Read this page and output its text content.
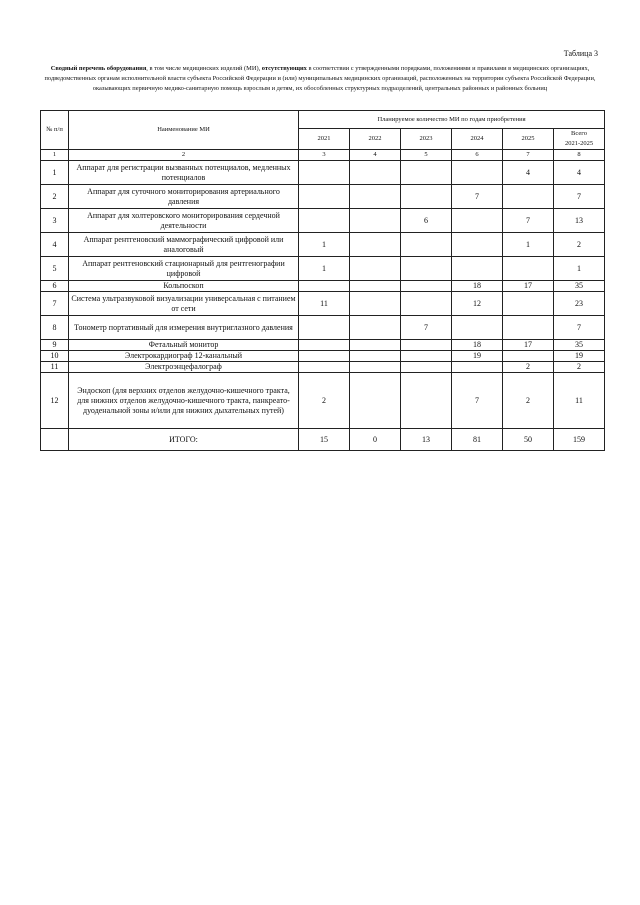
Таблица 3
Сводный перечень оборудования, в том числе медицинских изделий (МИ), отсутствующих в соответствии с утвержденными порядками, положениями и правилами в медицинских организациях, подведомственных органам исполнительной власти субъекта Российской Федерации и (или) муниципальных медицинских организаций, расположенных на территории субъекта Российской Федерации, оказывающих первичную медико-санитарную помощь взрослым и детям, их обособленных структурных подразделений, центральных районных и районных больниц
№ п/п	Наименование МИ	Планируемое количество МИ по годам приобретения					
		2021	2022	2023	2024	2025	Всего
2021-2025
1	2	3	4	5	6	7	8
1	Аппарат для регистрации вызванных потенциалов, медленных потенциалов					4	4
2	Аппарат для суточного мониторирования артериального давления				7		7
3	Аппарат для холтеровского мониторирования сердечной деятельности			6		7	13
4	Аппарат рентгеновский маммографический цифровой или аналоговый	1				1	2
5	Аппарат рентгеновский стационарный для рентгенографии цифровой	1					1
6	Кольпоскоп				18	17	35
7	Система ультразвуковой визуализации универсальная с питанием от сети	11			12		23
8	Тонометр портативный для измерения внутриглазного давления			7			7
9	Фетальный монитор				18	17	35
10	Электрокардиограф 12-канальный				19		19
11	Электроэнцефалограф					2	2
12	Эндоскоп (для верхних отделов желудочно-кишечного тракта, для нижних отделов желудочно-кишечного тракта, панкреато-дуоденальной зоны и/или для нижних дыхательных путей)	2			7	2	11
	ИТОГО:	15	0	13	81	50	159
